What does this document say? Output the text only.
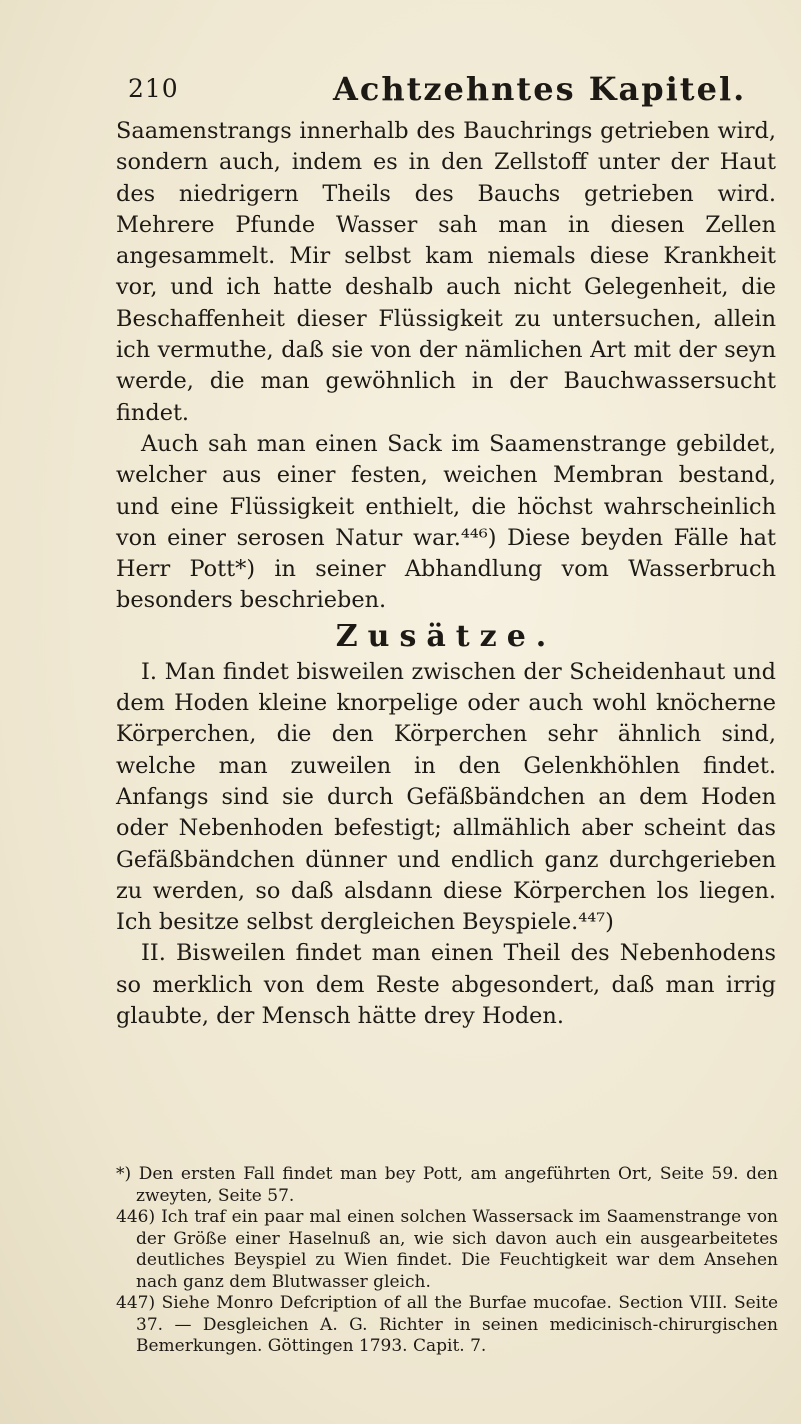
210	Achtzehntes Kapitel.

Saamenstrangs innerhalb des Bauchrings getrieben wird, sondern auch, indem es in den Zellstoff unter der Haut des niedrigern Theils des Bauchs getrieben wird. Mehrere Pfunde Wasser sah man in diesen Zellen angesammelt. Mir selbst kam niemals diese Krankheit vor, und ich hatte deshalb auch nicht Gelegenheit, die Beschaffenheit dieser Flüssigkeit zu untersuchen, allein ich vermuthe, daß sie von der nämlichen Art mit der seyn werde, die man gewöhnlich in der Bauchwassersucht findet.

Auch sah man einen Sack im Saamenstrange gebildet, welcher aus einer festen, weichen Membran bestand, und eine Flüssigkeit enthielt, die höchst wahrscheinlich von einer serosen Natur war.⁴⁴⁶) Diese beyden Fälle hat Herr Pott*) in seiner Abhandlung vom Wasserbruch besonders beschrieben.

Zusätze.

I. Man findet bisweilen zwischen der Scheidenhaut und dem Hoden kleine knorpelige oder auch wohl knöcherne Körperchen, die den Körperchen sehr ähnlich sind, welche man zuweilen in den Gelenkhöhlen findet. Anfangs sind sie durch Gefäßbändchen an dem Hoden oder Nebenhoden befestigt; allmählich aber scheint das Gefäßbändchen dünner und endlich ganz durchgerieben zu werden, so daß alsdann diese Körperchen los liegen. Ich besitze selbst dergleichen Beyspiele.⁴⁴⁷)

II. Bisweilen findet man einen Theil des Nebenhodens so merklich von dem Reste abgesondert, daß man irrig glaubte, der Mensch hätte drey Hoden.

*) Den ersten Fall findet man bey Pott, am angeführten Ort, Seite 59. den zweyten, Seite 57.

446) Ich traf ein paar mal einen solchen Wassersack im Saamenstrange von der Größe einer Haselnuß an, wie sich davon auch ein ausgearbeitetes deutliches Beyspiel zu Wien findet. Die Feuchtigkeit war dem Ansehen nach ganz dem Blutwasser gleich.

447) Siehe Monro Defcription of all the Burfae mucofae. Section VIII. Seite 37. — Desgleichen A. G. Richter in seinen medicinisch-chirurgischen Bemerkungen. Göttingen 1793. Capit. 7.
